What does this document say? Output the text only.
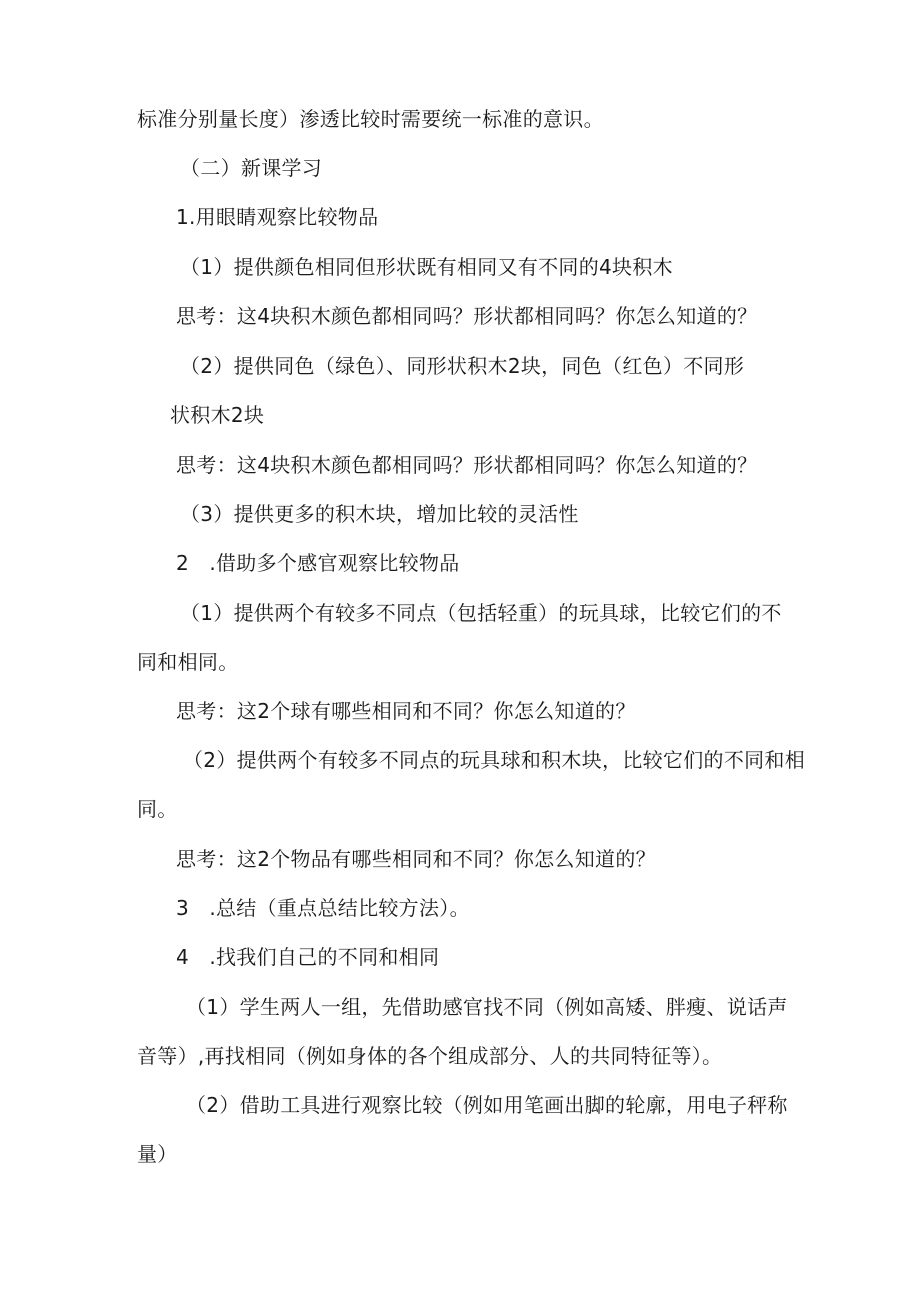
标准分别量长度）渗透比较时需要统一标准的意识。
（二）新课学习
1.用眼睛观察比较物品
（1）提供颜色相同但形状既有相同又有不同的4块积木
思考：这4块积木颜色都相同吗？形状都相同吗？你怎么知道的？
（2）提供同色（绿色）、同形状积木2块，同色（红色）不同形
状积木2块
思考：这4块积木颜色都相同吗？形状都相同吗？你怎么知道的？
（3）提供更多的积木块，增加比较的灵活性
2　.借助多个感官观察比较物品
（1）提供两个有较多不同点（包括轻重）的玩具球，比较它们的不
同和相同。
思考：这2个球有哪些相同和不同？你怎么知道的？
（2）提供两个有较多不同点的玩具球和积木块，比较它们的不同和相
同。
思考：这2个物品有哪些相同和不同？你怎么知道的？
3　.总结（重点总结比较方法）。
4　.找我们自己的不同和相同
（1）学生两人一组，先借助感官找不同（例如高矮、胖瘦、说话声
音等）,再找相同（例如身体的各个组成部分、人的共同特征等）。
（2）借助工具进行观察比较（例如用笔画出脚的轮廓，用电子秤称
量）
